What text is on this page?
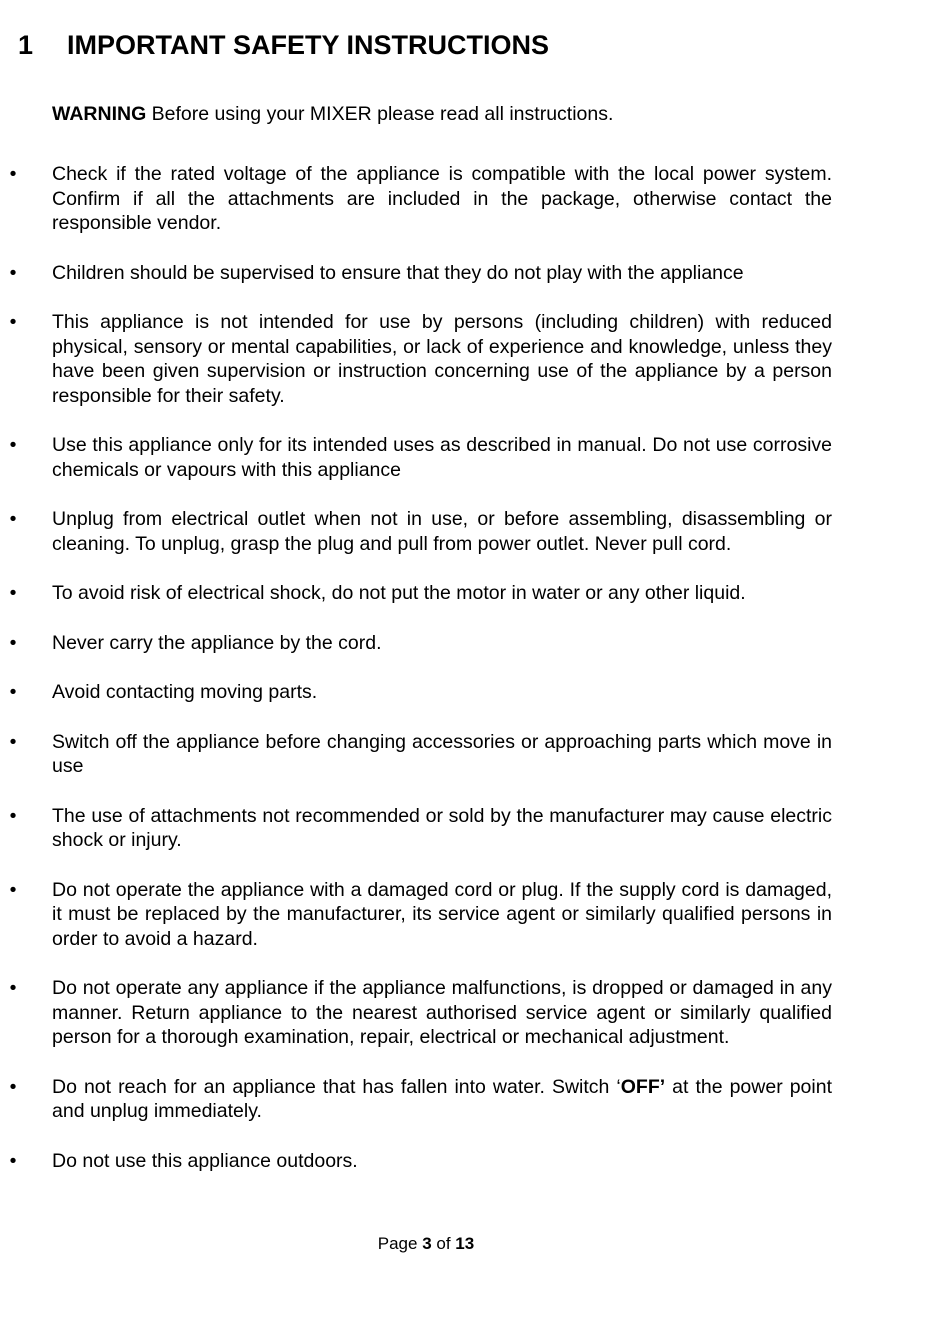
1 IMPORTANT SAFETY INSTRUCTIONS
WARNING Before using your MIXER please read all instructions.
• Check if the rated voltage of the appliance is compatible with the local power system. Confirm if all the attachments are included in the package, otherwise contact the responsible vendor.
• Children should be supervised to ensure that they do not play with the appliance
• This appliance is not intended for use by persons (including children) with reduced physical, sensory or mental capabilities, or lack of experience and knowledge, unless they have been given supervision or instruction concerning use of the appliance by a person responsible for their safety.
• Use this appliance only for its intended uses as described in manual. Do not use corrosive chemicals or vapours with this appliance
• Unplug from electrical outlet when not in use, or before assembling, disassembling or cleaning. To unplug, grasp the plug and pull from power outlet. Never pull cord.
• To avoid risk of electrical shock, do not put the motor in water or any other liquid.
• Never carry the appliance by the cord.
• Avoid contacting moving parts.
• Switch off the appliance before changing accessories or approaching parts which move in use
• The use of attachments not recommended or sold by the manufacturer may cause electric shock or injury.
• Do not operate the appliance with a damaged cord or plug. If the supply cord is damaged, it must be replaced by the manufacturer, its service agent or similarly qualified persons in order to avoid a hazard.
• Do not operate any appliance if the appliance malfunctions, is dropped or damaged in any manner. Return appliance to the nearest authorised service agent or similarly qualified person for a thorough examination, repair, electrical or mechanical adjustment.
• Do not reach for an appliance that has fallen into water. Switch ‘OFF’ at the power point and unplug immediately.
• Do not use this appliance outdoors.
Page 3 of 13
